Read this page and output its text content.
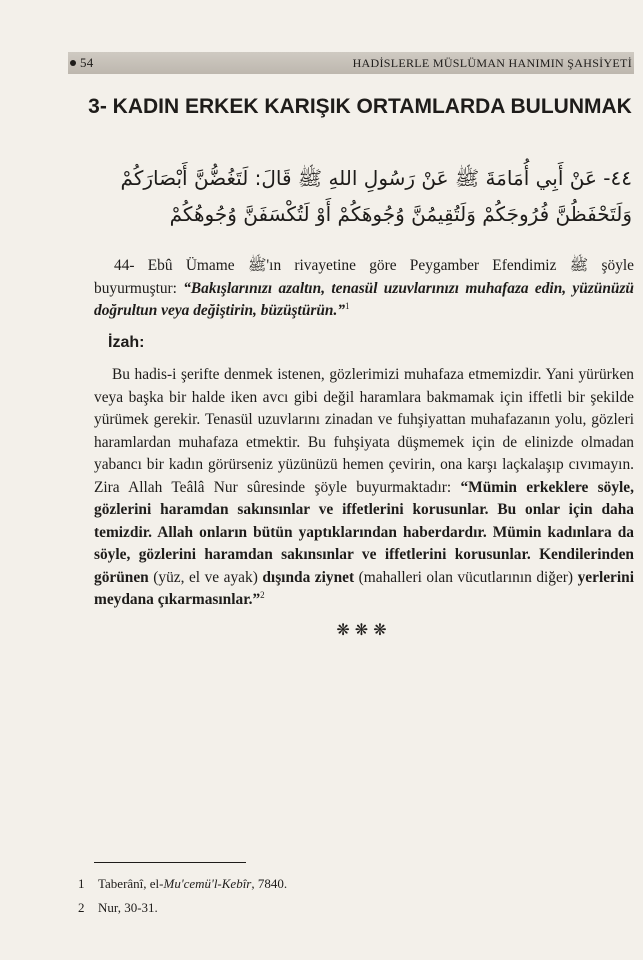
54	HADİSLERLE MÜSLÜMAN HANIMIN ŞAHSİYETİ
3- KADIN ERKEK KARIŞIK ORTAMLARDA BULUNMAK
٤٤- عَنْ أَبِي أُمَامَةَ ﷺ عَنْ رَسُولِ اللهِ ﷺ قَالَ: لَتَغُضُّنَّ أَبْصَارَكُمْ وَلَتَحْفَظُنَّ فُرُوجَكُمْ وَلَتُقِيمُنَّ وُجُوهَكُمْ أَوْ لَتُكْسَفَنَّ وُجُوهُكُمْ
44- Ebû Ümame ﷺ'ın rivayetine göre Peygamber Efendimiz ﷺ şöyle buyurmuştur: “Bakışlarınızı azaltın, tenasül uzuvlarınızı muhafaza edin, yüzünüzü doğrultun veya değiştirin, büzüştürün.”$^1$
İzah:
Bu hadis-i şerifte denmek istenen, gözlerimizi muhafaza etmemizdir. Yani yürürken veya başka bir halde iken avcı gibi değil haramlara bakmamak için iffetli bir şekilde yürümek gerekir. Tenasül uzuvlarını zinadan ve fuhşiyattan muhafazanın yolu, gözleri haramlardan muhafaza etmektir. Bu fuhşiyata düşmemek için de elinizde olmadan yabancı bir kadın görürseniz yüzünüzü hemen çevirin, ona karşı laçkalaşıp cıvımayın. Zira Allah Teâlâ Nur sûresinde şöyle buyurmaktadır: “Mümin erkeklere söyle, gözlerini haramdan sakınsınlar ve iffetlerini korusunlar. Bu onlar için daha temizdir. Allah onların bütün yaptıklarından haberdardır. Mümin kadınlara da söyle, gözlerini haramdan sakınsınlar ve iffetlerini korusunlar. Kendilerinden görünen (yüz, el ve ayak) dışında ziynet (mahalleri olan vücutlarının diğer) yerlerini meydana çıkarmasınlar.”$^2$
❋❋❋
1 Taberânî, el-Mu'cemü'l-Kebîr, 7840.
2 Nur, 30-31.
